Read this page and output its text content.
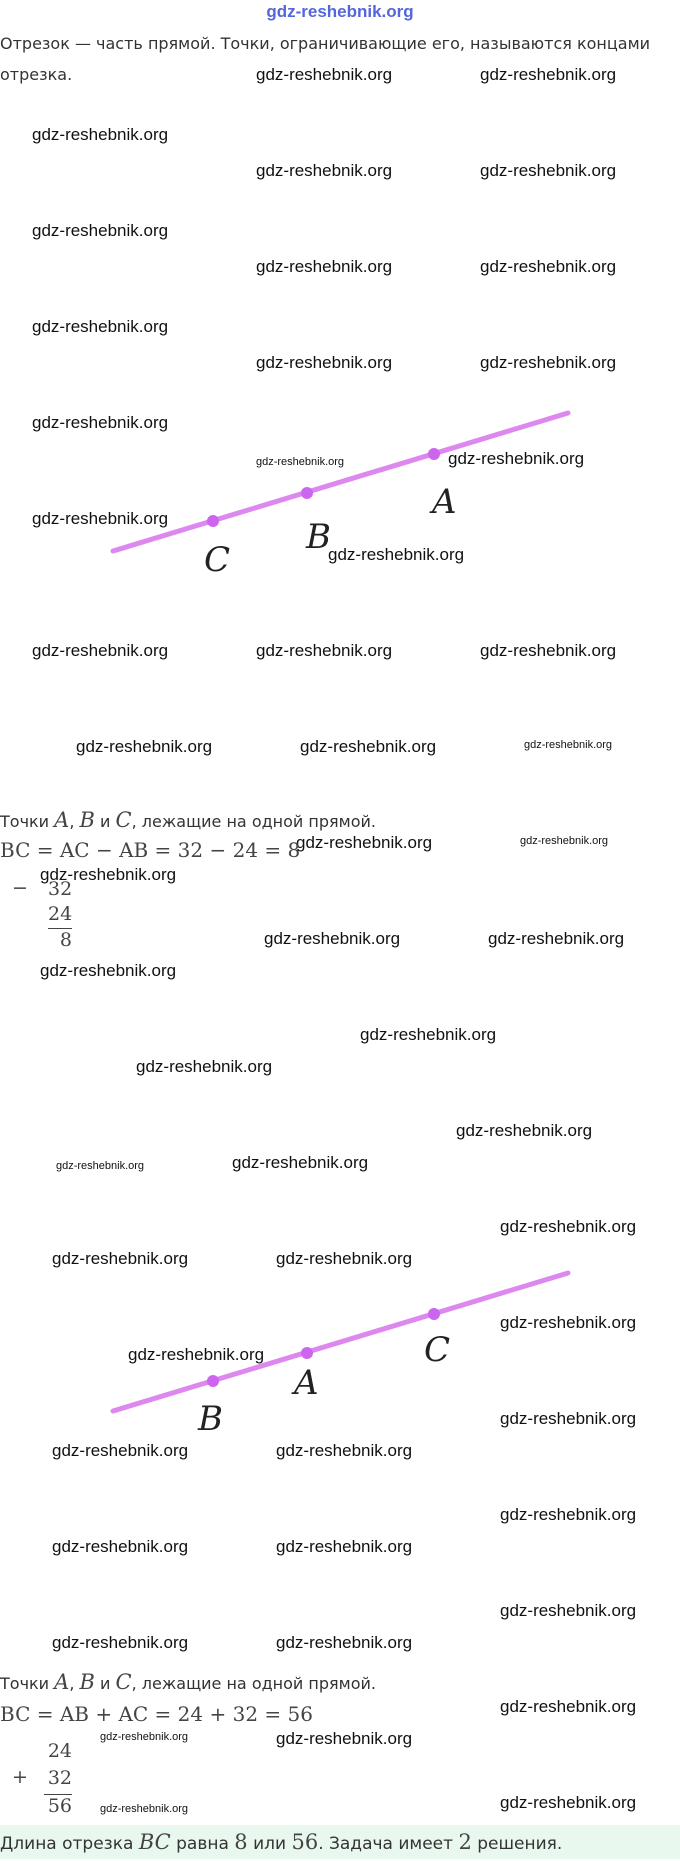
gdz-reshebnik.org
Отрезок — часть прямой. Точки, ограничивающие его, называются концами отрезка.	gdz-reshebnik.org	gdz-reshebnik.org
gdz-reshebnik.org
gdz-reshebnik.org	gdz-reshebnik.org
gdz-reshebnik.org
gdz-reshebnik.org	gdz-reshebnik.org
gdz-reshebnik.org
gdz-reshebnik.org	gdz-reshebnik.org
gdz-reshebnik.org
gdz-reshebnik.org	gdz-reshebnik.org
gdz-reshebnik.org
gdz-reshebnik.org
gdz-reshebnik.org	gdz-reshebnik.org	gdz-reshebnik.org
gdz-reshebnik.org	gdz-reshebnik.org	gdz-reshebnik.org
gdz-reshebnik.org	gdz-reshebnik.org
gdz-reshebnik.org
gdz-reshebnik.org	gdz-reshebnik.org
gdz-reshebnik.org
gdz-reshebnik.org
gdz-reshebnik.org
gdz-reshebnik.org
gdz-reshebnik.org	gdz-reshebnik.org
gdz-reshebnik.org
gdz-reshebnik.org	gdz-reshebnik.org
gdz-reshebnik.org
gdz-reshebnik.org
gdz-reshebnik.org
gdz-reshebnik.org	gdz-reshebnik.org
gdz-reshebnik.org
gdz-reshebnik.org	gdz-reshebnik.org
gdz-reshebnik.org
gdz-reshebnik.org	gdz-reshebnik.org
gdz-reshebnik.org
gdz-reshebnik.org	gdz-reshebnik.org
gdz-reshebnik.org	gdz-reshebnik.org
C
B
A
Точки A, B и C, лежащие на одной прямой.
BC = AC − AB = 32 − 24 = 8
− 32
24
8
B
A
C
Точки A, B и C, лежащие на одной прямой.
BC = AB + AC = 24 + 32 = 56
+
24
32
56
Длина отрезка BC равна 8 или 56. Задача имеет 2 решения.
